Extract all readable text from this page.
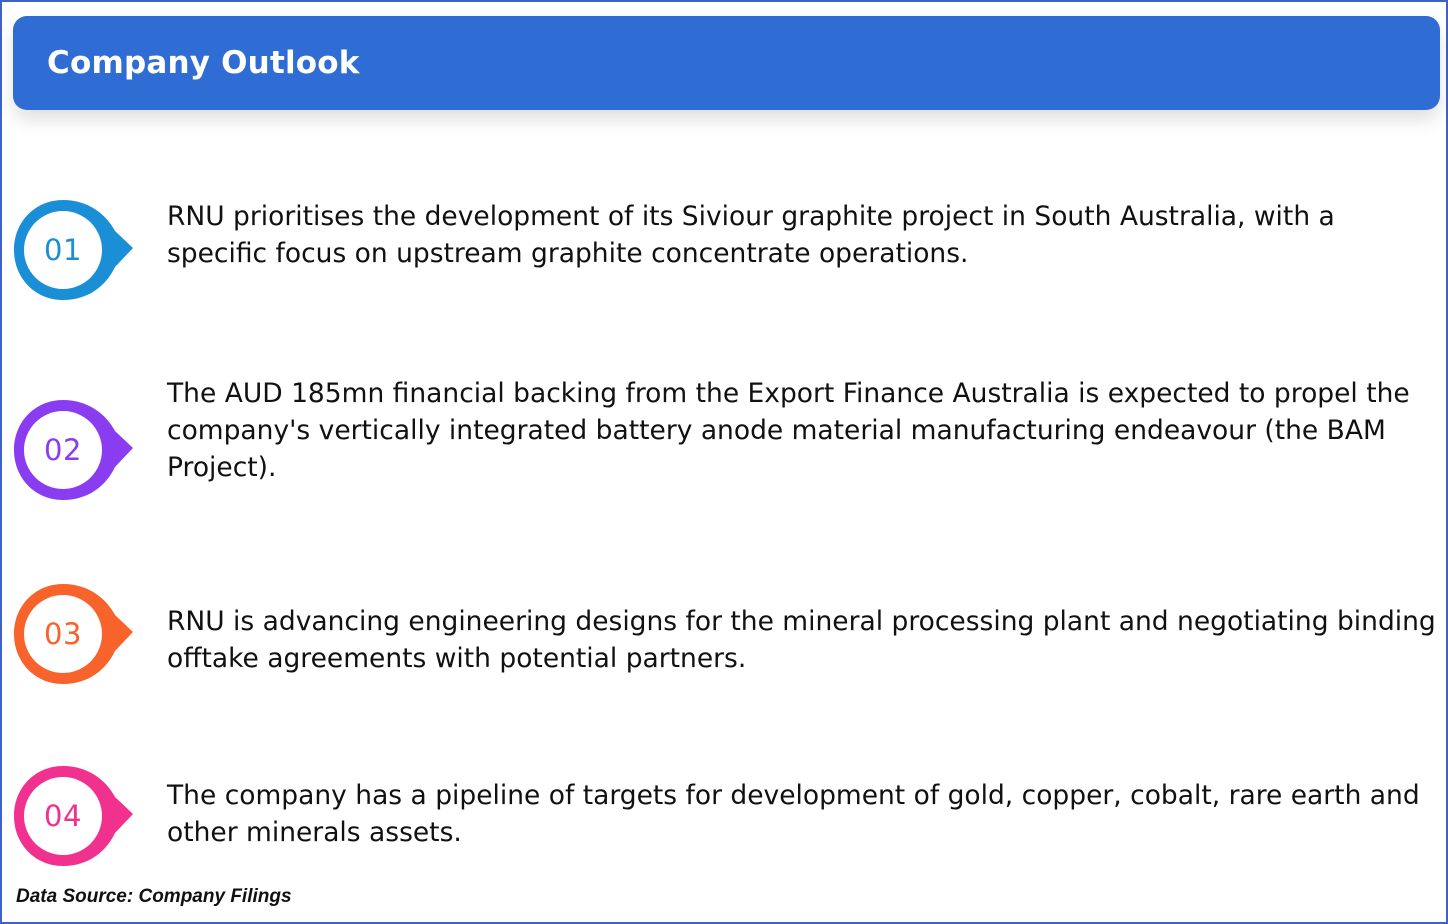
Company Outlook
01
RNU prioritises the development of its Siviour graphite project in South Australia, with a specific focus on upstream graphite concentrate operations.
02
The AUD 185mn financial backing from the Export Finance Australia is expected to propel the company's vertically integrated battery anode material manufacturing endeavour (the BAM Project).
03	RNU is advancing engineering designs for the mineral processing plant and negotiating binding offtake agreements with potential partners.
04
The company has a pipeline of targets for development of gold, copper, cobalt, rare earth and other minerals assets.
Data Source: Company Filings
